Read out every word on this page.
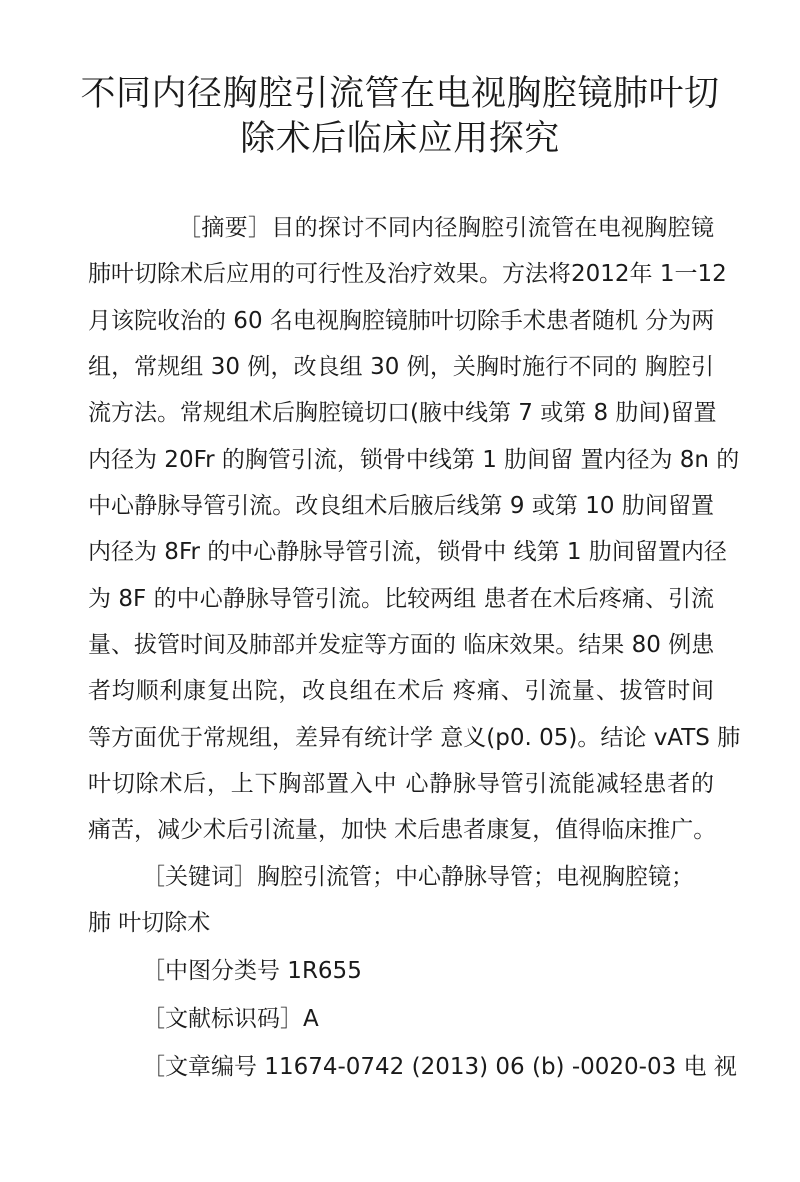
不同内径胸腔引流管在电视胸腔镜肺叶切
除术后临床应用探究

［摘要］目的探讨不同内径胸腔引流管在电视胸腔镜

肺叶切除术后应用的可行性及治疗效果。方法将2012年 1一12

月该院收治的 60 名电视胸腔镜肺叶切除手术患者随机 分为两

组，常规组 30 例，改良组 30 例，关胸时施行不同的 胸腔引

流方法。常规组术后胸腔镜切口(腋中线第 7 或第 8 肋间)留置

内径为 20Fr 的胸管引流，锁骨中线第 1 肋间留 置内径为 8n 的

中心静脉导管引流。改良组术后腋后线第 9 或第 10 肋间留置

内径为 8Fr 的中心静脉导管引流，锁骨中 线第 1 肋间留置内径

为 8F 的中心静脉导管引流。比较两组 患者在术后疼痛、引流

量、拔管时间及肺部并发症等方面的 临床效果。结果 80 例患

者均顺利康复出院，改良组在术后 疼痛、引流量、拔管时间

等方面优于常规组，差异有统计学 意义(p0. 05)。结论 vATS 肺

叶切除术后，上下胸部置入中 心静脉导管引流能减轻患者的

痛苦，减少术后引流量，加快 术后患者康复，值得临床推广。

［关键词］胸腔引流管；中心静脉导管；电视胸腔镜；

肺 叶切除术

［中图分类号 1R655

［文献标识码］A

［文章编号 11674-0742 (2013) 06 (b) -0020-03 电 视
